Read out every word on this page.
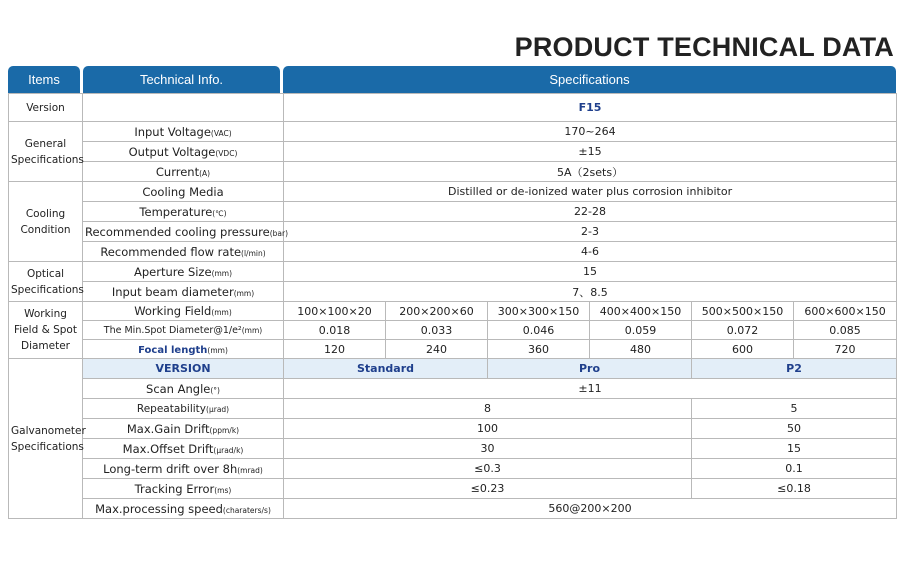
PRODUCT TECHNICAL DATA
Items	Technical Info.	Specifications
Version		F15					
General Specifications	Input Voltage(VAC)	170~264					
	Output Voltage(VDC)	±15					
	Current(A)	5A（2sets）					
Cooling Condition	Cooling Media	Distilled or de-ionized water plus corrosion inhibitor					
	Temperature(℃)	22-28					
	Recommended cooling pressure(bar)	2-3					
	Recommended flow rate(l/min)	4-6					
Optical Specifications	Aperture Size(mm)	15					
	Input beam diameter(mm)	7、8.5					
Working Field & Spot Diameter	Working Field(mm)	100×100×20	200×200×60	300×300×150	400×400×150	500×500×150	600×600×150
	The Min.Spot Diameter@1/e²(mm)	0.018	0.033	0.046	0.059	0.072	0.085
	Focal length(mm)	120	240	360	480	600	720
Galvanometer Specifications	VERSION	Standard		Pro		P2	
	Scan Angle(°)	±11					
	Repeatability(μrad)	8				5	
	Max.Gain Drift(ppm/k)	100				50	
	Max.Offset Drift(μrad/k)	30				15	
	Long-term drift over 8h(mrad)	≤0.3				0.1	
	Tracking Error(ms)	≤0.23				≤0.18	
	Max.processing speed(charaters/s)	560@200×200					
